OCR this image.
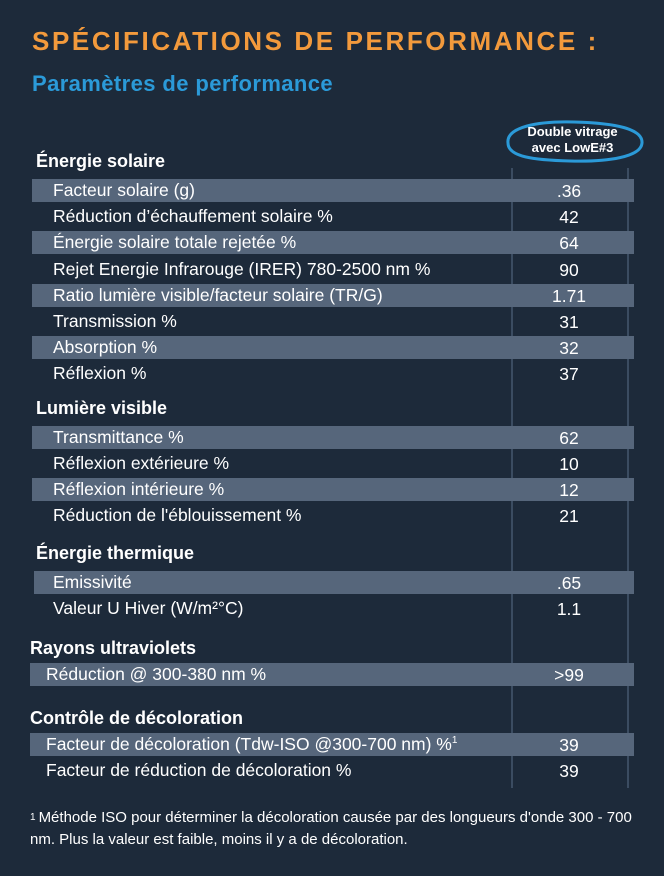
SPÉCIFICATIONS DE PERFORMANCE :
Paramètres de performance
Double vitrage
avec LowE#3
Énergie solaire
Facteur solaire (g)	.36
Réduction d’échauffement solaire %	42
Énergie solaire totale rejetée %	64
Rejet Energie Infrarouge (IRER) 780-2500 nm %	90
Ratio lumière visible/facteur solaire (TR/G)	1.71
Transmission %	31
Absorption %	32
Réflexion %	37
Lumière visible
Transmittance %	62
Réflexion extérieure %	10
Réflexion intérieure %	12
Réduction de l'éblouissement %	21
Énergie thermique
Emissivité	.65
Valeur U Hiver (W/m²°C)	1.1
Rayons ultraviolets
Réduction @ 300-380 nm %	>99
Contrôle de décoloration
Facteur de décoloration (Tdw-ISO @300-700 nm) %$^1$	39
Facteur de réduction de décoloration %	39
$^1$ Méthode ISO pour déterminer la décoloration causée par des longueurs d'onde 300 - 700 nm. Plus la valeur est faible, moins il y a de décoloration.
